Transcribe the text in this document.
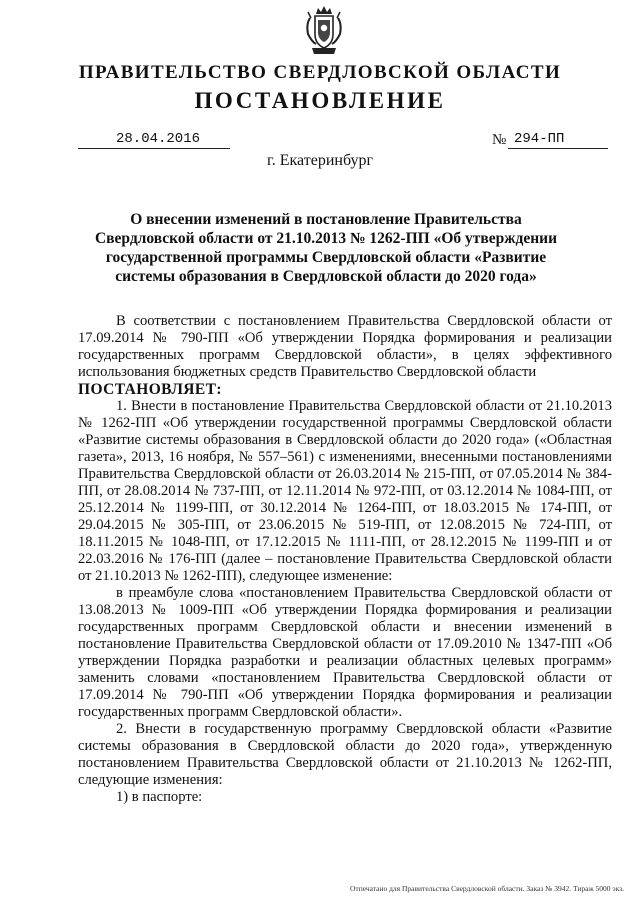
ПРАВИТЕЛЬСТВО СВЕРДЛОВСКОЙ ОБЛАСТИ
ПОСТАНОВЛЕНИЕ
28.04.2016	№ 294-ПП
г. Екатеринбург
О внесении изменений в постановление Правительства Свердловской области от 21.10.2013 № 1262-ПП «Об утверждении государственной программы Свердловской области «Развитие системы образования в Свердловской области до 2020 года»

В соответствии с постановлением Правительства Свердловской области от 17.09.2014 № 790-ПП «Об утверждении Порядка формирования и реализации государственных программ Свердловской области», в целях эффективного использования бюджетных средств Правительство Свердловской области

ПОСТАНОВЛЯЕТ:

1. Внести в постановление Правительства Свердловской области от 21.10.2013 № 1262-ПП «Об утверждении государственной программы Свердловской области «Развитие системы образования в Свердловской области до 2020 года» («Областная газета», 2013, 16 ноября, № 557–561) с изменениями, внесенными постановлениями Правительства Свердловской области от 26.03.2014 № 215-ПП, от 07.05.2014 № 384-ПП, от 28.08.2014 № 737-ПП, от 12.11.2014 № 972-ПП, от 03.12.2014 № 1084-ПП, от 25.12.2014 № 1199-ПП, от 30.12.2014 № 1264-ПП, от 18.03.2015 № 174-ПП, от 29.04.2015 № 305-ПП, от 23.06.2015 № 519-ПП, от 12.08.2015 № 724-ПП, от 18.11.2015 № 1048-ПП, от 17.12.2015 № 1111-ПП, от 28.12.2015 № 1199-ПП и от 22.03.2016 № 176-ПП (далее – постановление Правительства Свердловской области от 21.10.2013 № 1262-ПП), следующее изменение:

в преамбуле слова «постановлением Правительства Свердловской области от 13.08.2013 № 1009-ПП «Об утверждении Порядка формирования и реализации государственных программ Свердловской области и внесении изменений в постановление Правительства Свердловской области от 17.09.2010 № 1347-ПП «Об утверждении Порядка разработки и реализации областных целевых программ» заменить словами «постановлением Правительства Свердловской области от 17.09.2014 № 790-ПП «Об утверждении Порядка формирования и реализации государственных программ Свердловской области».

2. Внести в государственную программу Свердловской области «Развитие системы образования в Свердловской области до 2020 года», утвержденную постановлением Правительства Свердловской области от 21.10.2013 № 1262-ПП, следующие изменения:

1) в паспорте:

Отпечатано для Правительства Свердловской области. Заказ № 3942. Тираж 5000 экз.
